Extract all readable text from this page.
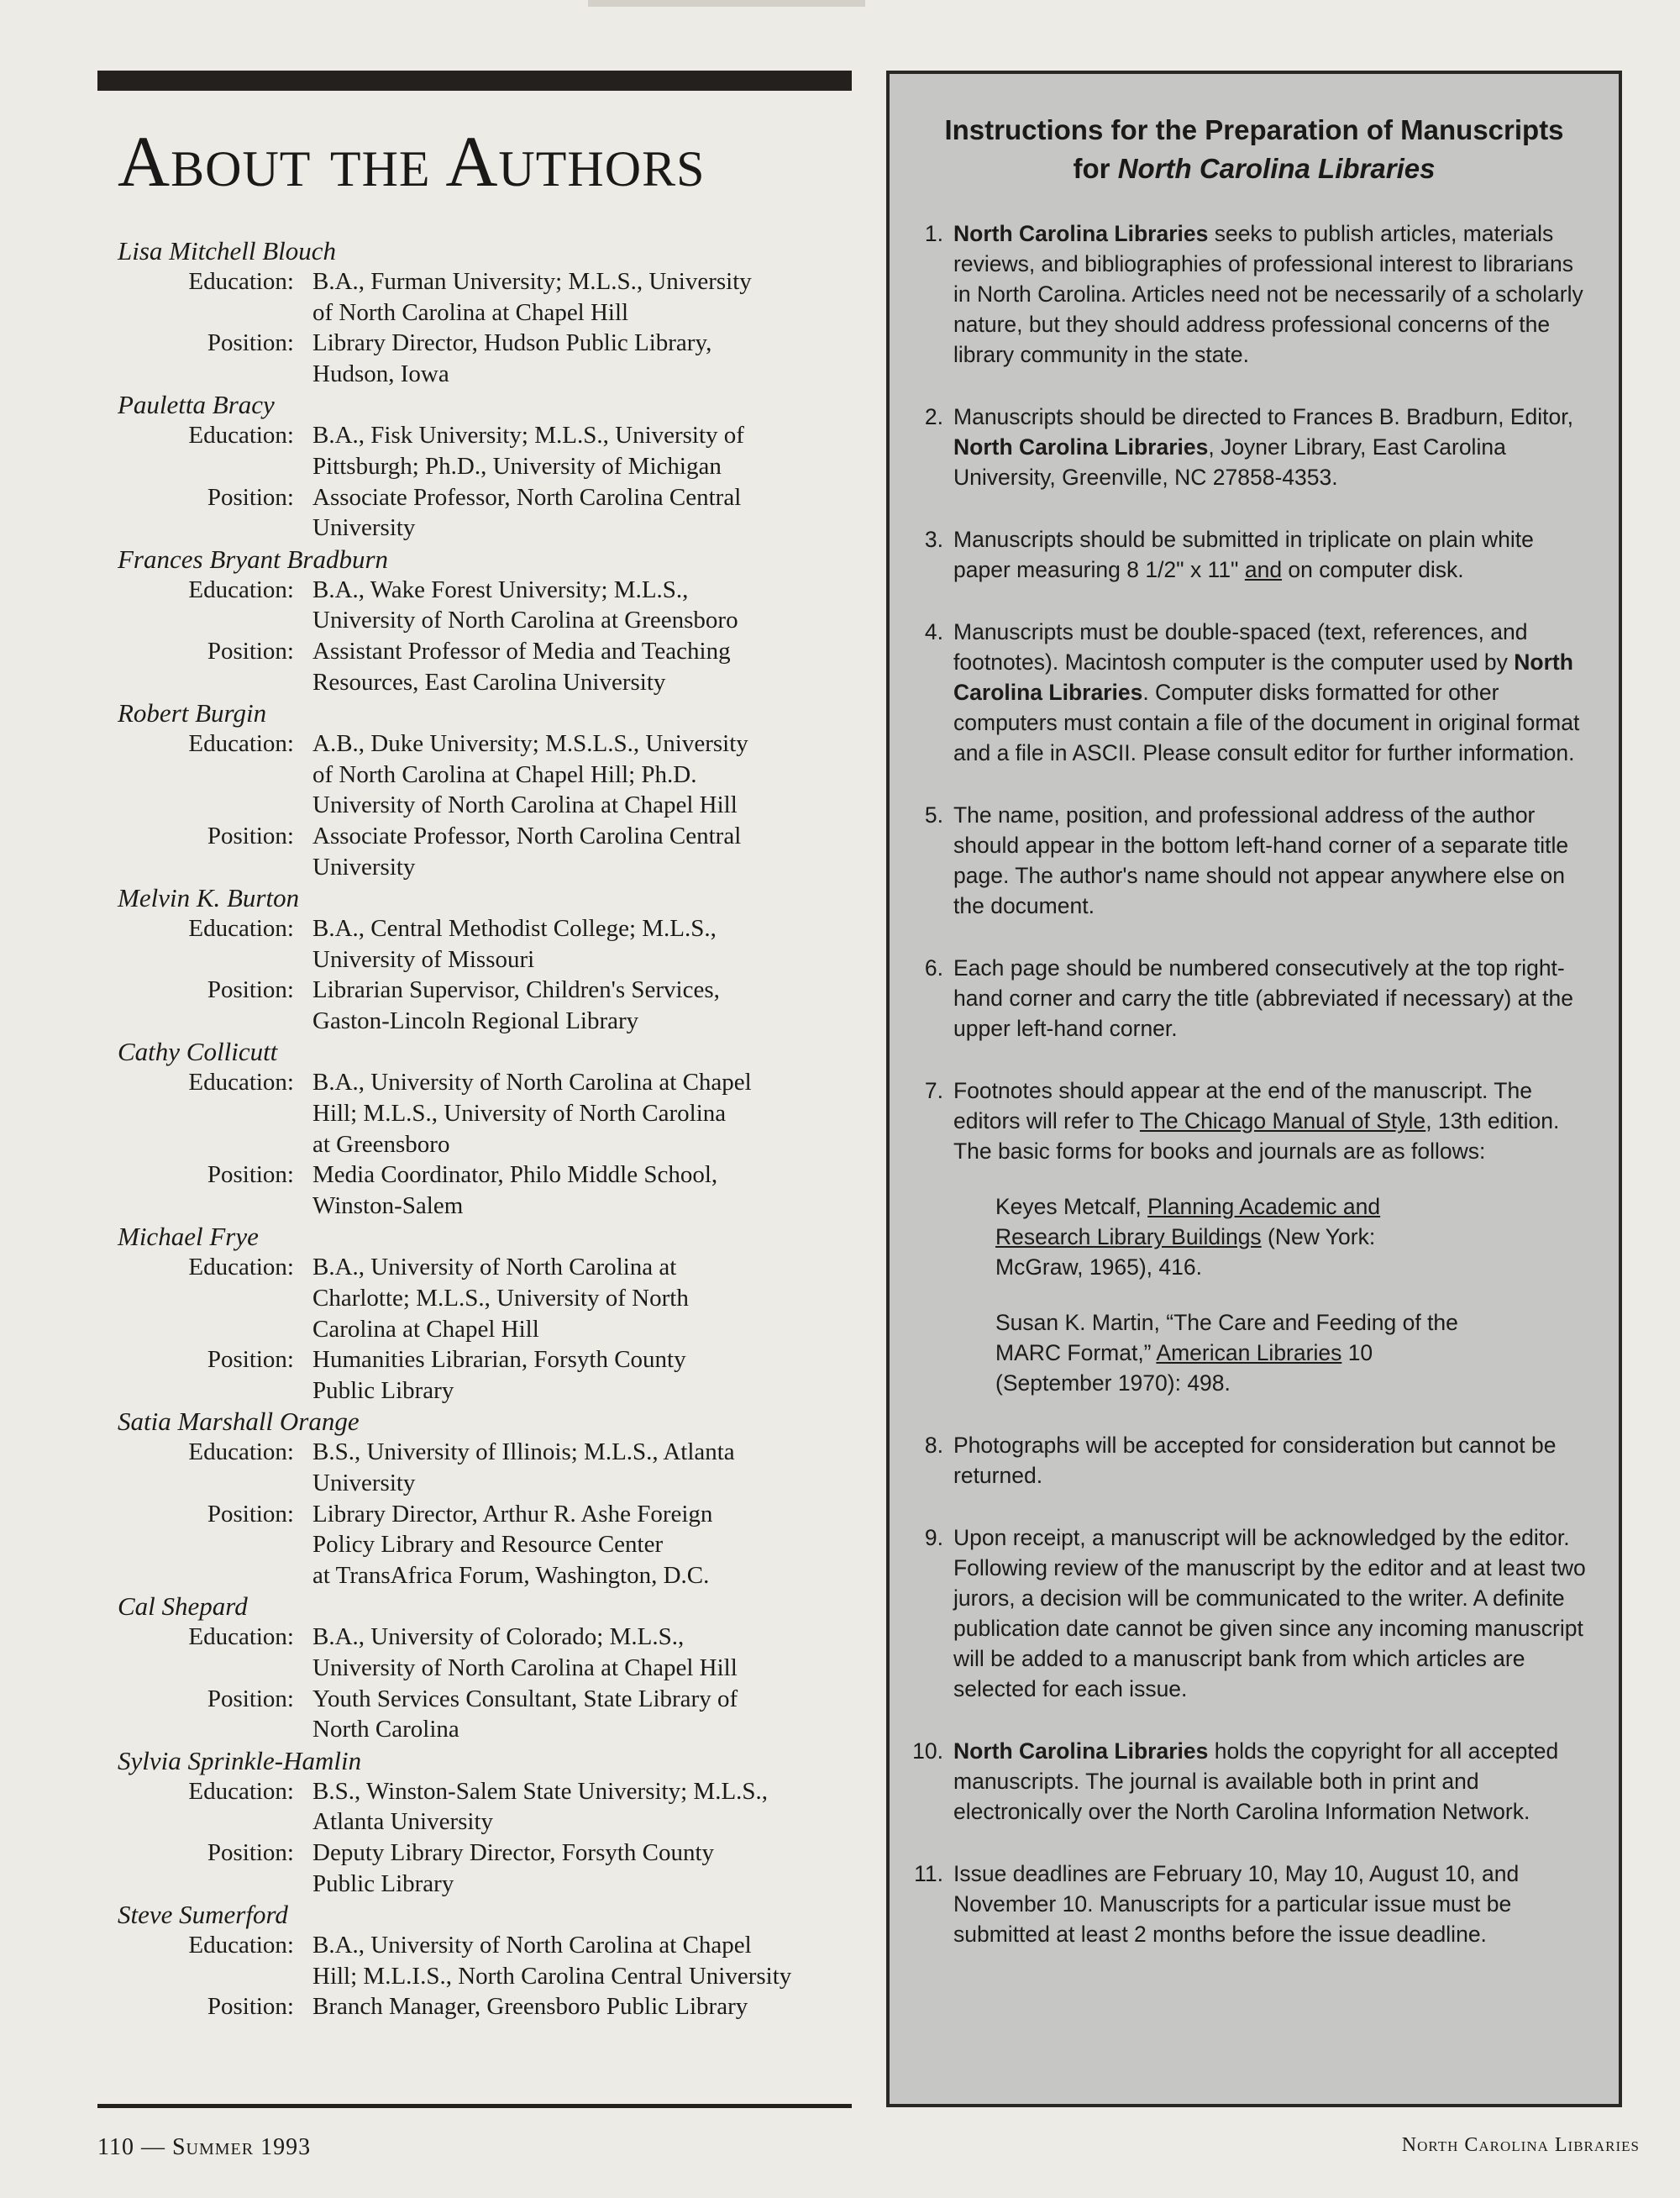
About the Authors
Lisa Mitchell Blouch
Education: B.A., Furman University; M.L.S., University
of North Carolina at Chapel Hill
Position: Library Director, Hudson Public Library,
Hudson, Iowa
Pauletta Bracy
Education: B.A., Fisk University; M.L.S., University of
Pittsburgh; Ph.D., University of Michigan
Position: Associate Professor, North Carolina Central
University
Frances Bryant Bradburn
Education: B.A., Wake Forest University; M.L.S.,
University of North Carolina at Greensboro
Position: Assistant Professor of Media and Teaching
Resources, East Carolina University
Robert Burgin
Education: A.B., Duke University; M.S.L.S., University
of North Carolina at Chapel Hill; Ph.D.
University of North Carolina at Chapel Hill
Position: Associate Professor, North Carolina Central
University
Melvin K. Burton
Education: B.A., Central Methodist College; M.L.S.,
University of Missouri
Position: Librarian Supervisor, Children's Services,
Gaston-Lincoln Regional Library
Cathy Collicutt
Education: B.A., University of North Carolina at Chapel
Hill; M.L.S., University of North Carolina
at Greensboro
Position: Media Coordinator, Philo Middle School,
Winston-Salem
Michael Frye
Education: B.A., University of North Carolina at
Charlotte; M.L.S., University of North
Carolina at Chapel Hill
Position: Humanities Librarian, Forsyth County
Public Library
Satia Marshall Orange
Education: B.S., University of Illinois; M.L.S., Atlanta
University
Position: Library Director, Arthur R. Ashe Foreign
Policy Library and Resource Center
at TransAfrica Forum, Washington, D.C.
Cal Shepard
Education: B.A., University of Colorado; M.L.S.,
University of North Carolina at Chapel Hill
Position: Youth Services Consultant, State Library of
North Carolina
Sylvia Sprinkle-Hamlin
Education: B.S., Winston-Salem State University; M.L.S.,
Atlanta University
Position: Deputy Library Director, Forsyth County
Public Library
Steve Sumerford
Education: B.A., University of North Carolina at Chapel
Hill; M.L.I.S., North Carolina Central University
Position: Branch Manager, Greensboro Public Library
Instructions for the Preparation of Manuscripts
for North Carolina Libraries
1. North Carolina Libraries seeks to publish articles, materials reviews, and bibliographies of professional interest to librarians in North Carolina. Articles need not be necessarily of a scholarly nature, but they should address professional concerns of the library community in the state.
2. Manuscripts should be directed to Frances B. Bradburn, Editor, North Carolina Libraries, Joyner Library, East Carolina University, Greenville, NC 27858-4353.
3. Manuscripts should be submitted in triplicate on plain white paper measuring 8 1/2" x 11" and on computer disk.
4. Manuscripts must be double-spaced (text, references, and footnotes). Macintosh computer is the computer used by North Carolina Libraries. Computer disks formatted for other computers must contain a file of the document in original format and a file in ASCII. Please consult editor for further information.
5. The name, position, and professional address of the author should appear in the bottom left-hand corner of a separate title page. The author's name should not appear anywhere else on the document.
6. Each page should be numbered consecutively at the top right-hand corner and carry the title (abbreviated if necessary) at the upper left-hand corner.
7. Footnotes should appear at the end of the manuscript. The editors will refer to The Chicago Manual of Style, 13th edition. The basic forms for books and journals are as follows:
Keyes Metcalf, Planning Academic and Research Library Buildings (New York: McGraw, 1965), 416.
Susan K. Martin, “The Care and Feeding of the MARC Format,” American Libraries 10 (September 1970): 498.
8. Photographs will be accepted for consideration but cannot be returned.
9. Upon receipt, a manuscript will be acknowledged by the editor. Following review of the manuscript by the editor and at least two jurors, a decision will be communicated to the writer. A definite publication date cannot be given since any incoming manuscript will be added to a manuscript bank from which articles are selected for each issue.
10. North Carolina Libraries holds the copyright for all accepted manuscripts. The journal is available both in print and electronically over the North Carolina Information Network.
11. Issue deadlines are February 10, May 10, August 10, and November 10. Manuscripts for a particular issue must be submitted at least 2 months before the issue deadline.
110 — Summer 1993	North Carolina Libraries
